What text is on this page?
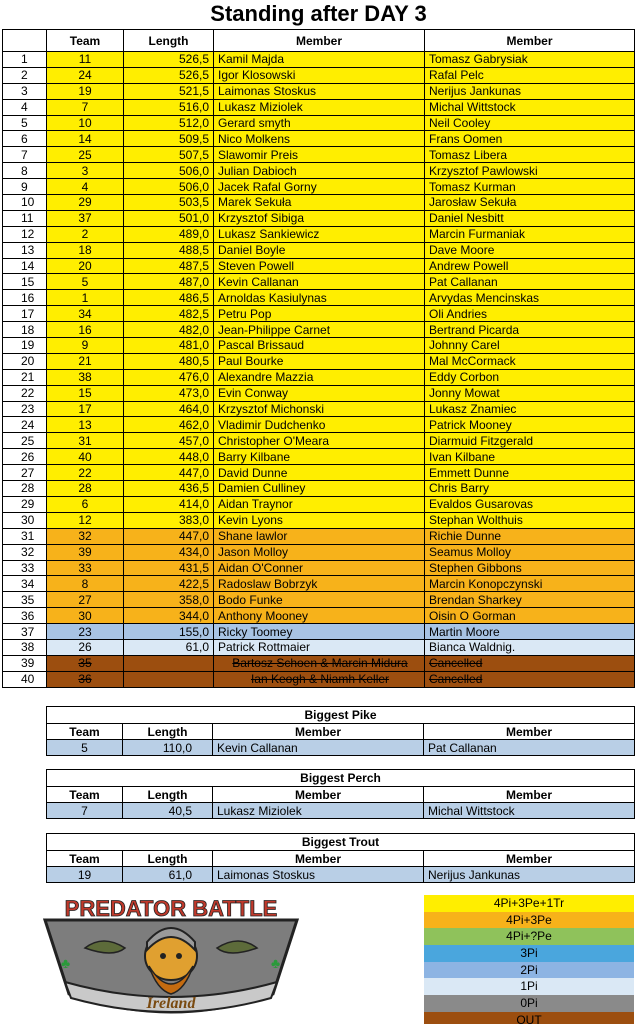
Standing after DAY 3
	Team	Length	Member	Member
1	11	526,5	Kamil Majda	Tomasz Gabrysiak
2	24	526,5	Igor Klosowski	Rafal Pelc
3	19	521,5	Laimonas Stoskus	Nerijus Jankunas
4	7	516,0	Lukasz Miziolek	Michal Wittstock
5	10	512,0	Gerard smyth	Neil Cooley
6	14	509,5	Nico Molkens	Frans Oomen
7	25	507,5	Slawomir Preis	Tomasz Libera
8	3	506,0	Julian Dabioch	Krzysztof Pawlowski
9	4	506,0	Jacek Rafal Gorny	Tomasz Kurman
10	29	503,5	Marek Sekuła	Jarosław Sekuła
11	37	501,0	Krzysztof Sibiga	Daniel Nesbitt
12	2	489,0	Lukasz Sankiewicz	Marcin Furmaniak
13	18	488,5	Daniel Boyle	Dave Moore
14	20	487,5	Steven Powell	Andrew Powell
15	5	487,0	Kevin Callanan	Pat Callanan
16	1	486,5	Arnoldas Kasiulynas	Arvydas Mencinskas
17	34	482,5	Petru Pop	Oli Andries
18	16	482,0	Jean-Philippe Carnet	Bertrand Picarda
19	9	481,0	Pascal Brissaud	Johnny Carel
20	21	480,5	Paul Bourke	Mal McCormack
21	38	476,0	Alexandre Mazzia	Eddy Corbon
22	15	473,0	Evin Conway	Jonny Mowat
23	17	464,0	Krzysztof Michonski	Lukasz Znamiec
24	13	462,0	Vladimir Dudchenko	Patrick Mooney
25	31	457,0	Christopher O'Meara	Diarmuid Fitzgerald
26	40	448,0	Barry Kilbane	Ivan Kilbane
27	22	447,0	David Dunne	Emmett Dunne
28	28	436,5	Damien Culliney	Chris Barry
29	6	414,0	Aidan Traynor	Evaldos Gusarovas
30	12	383,0	Kevin Lyons	Stephan Wolthuis
31	32	447,0	Shane lawlor	Richie Dunne
32	39	434,0	Jason Molloy	Seamus Molloy
33	33	431,5	Aidan O'Conner	Stephen Gibbons
34	8	422,5	Radoslaw Bobrzyk	Marcin Konopczynski
35	27	358,0	Bodo Funke	Brendan Sharkey
36	30	344,0	Anthony Mooney	Oisin O Gorman
37	23	155,0	Ricky Toomey	Martin Moore
38	26	61,0	Patrick Rottmaier	Bianca Waldnig.
39	35		Bartosz Schoen & Marcin Midura	Cancelled
40	36		Ian Keogh & Niamh Keller	Cancelled
Biggest Pike			
Team	Length	Member	Member
5	110,0	Kevin Callanan	Pat Callanan
Biggest Perch			
Team	Length	Member	Member
7	40,5	Lukasz Miziolek	Michal Wittstock
Biggest Trout			
Team	Length	Member	Member
19	61,0	Laimonas Stoskus	Nerijus Jankunas
♣	♣
PREDATOR BATTLE
Ireland
4Pi+3Pe+1Tr
4Pi+3Pe
4Pi+?Pe
3Pi
2Pi
1Pi
0Pi
OUT
